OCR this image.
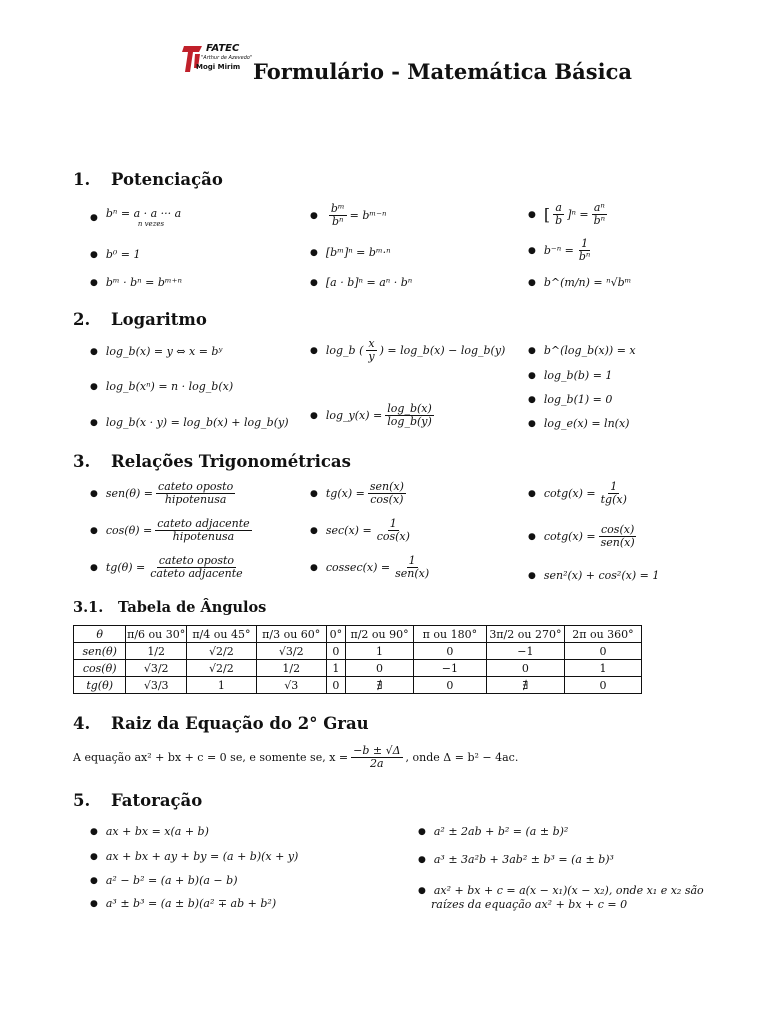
FATEC
"Arthur de Azevedo"
Mogi Mirim Formulário - Matemática Básica
1. Potenciação
● bⁿ = a · a ··· a
n vezes
● $\frac{\text{bᵐ}}{\text{bⁿ}}$ = bᵐ⁻ⁿ	● [ $\frac{a}{b} ]^n = \frac{\text{aⁿ}}{\text{bⁿ}}$
● b⁰ = 1	● [bᵐ]ⁿ = bᵐ·ⁿ	● $b^{-n} = \frac{1}{\text{bⁿ}}$
● bᵐ · bⁿ = bᵐ⁺ⁿ	● [a · b]ⁿ = aⁿ · bⁿ	● b^(m/n) = ⁿ√bᵐ
2. Logaritmo
● log_b(x) = y ⇔ x = bʸ
● log_b(xⁿ) = n · log_b(x)
● log_b(x · y) = log_b(x) + log_b(y)
● log_b ( $\frac{x}{y}$ ) = log_b(x) − log_b(y)
● log_y(x) = $\frac{\log\_b(x)}{\log\_b(y)}$
● b^(log_b(x)) = x
● log_b(b) = 1
● log_b(1) = 0
● log_e(x) = ln(x)
3. Relações Trigonométricas
● $sen(\theta) = \frac{\text{cateto oposto}}{\text{hipotenusa}}$
● $\cos(\theta) = \frac{\text{cateto adjacente}}{\text{hipotenusa}}$
● $tg(\theta) = \frac{\text{cateto oposto}}{\text{cateto adjacente}}$
● $tg(x) = \frac{\text{sen(x)}}{\cos(x)}$
● $\sec(x) = \frac{1}{\cos(x)}$
● $cossec(x) = \frac{1}{\text{sen(x)}}$
● $\cot g(x) = \frac{1}{tg(x)}$
● $\cot g(x) = \frac{\cos(x)}{\text{sen(x)}}$
● sen²(x) + cos²(x) = 1
3.1. Tabela de Ângulos
θ	π/6 ou 30°	π/4 ou 45°	π/3 ou 60°	0°	π/2 ou 90°	π ou 180°	3π/2 ou 270°	2π ou 360°
sen(θ)	1/2	√2/2	√3/2	0	1	0	−1	0
cos(θ)	√3/2	√2/2	1/2	1	0	−1	0	1
tg(θ)	√3/3	1	√3	0	∄	0	∄	0
4. Raiz da Equação do 2° Grau
A equação ax² + bx + c = 0 se, e somente se, $x = \frac{-b \pm √\Delta}{2a}$ , onde Δ = b² − 4ac.
5. Fatoração
● ax + bx = x(a + b)
● ax + bx + ay + by = (a + b)(x + y)
● a² − b² = (a + b)(a − b)
● a³ ± b³ = (a ± b)(a² ∓ ab + b²)
● a² ± 2ab + b² = (a ± b)²
● a³ ± 3a²b + 3ab² ± b³ = (a ± b)³
● ax² + bx + c = a(x − x₁)(x − x₂), onde x₁ e x₂ são
raízes da equação ax² + bx + c = 0
